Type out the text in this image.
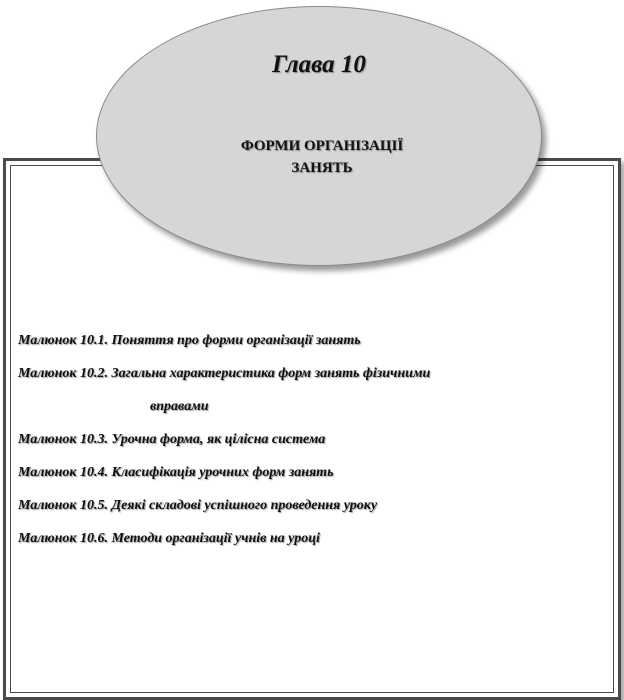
Глава 10
ФОРМИ ОРГАНІЗАЦІЇ
ЗАНЯТЬ
Малюнок 10.1. Поняття про форми організації занять
Малюнок 10.2. Загальна характеристика форм занять фізичними
вправами
Малюнок 10.3. Урочна форма, як цілісна система
Малюнок 10.4. Класифікація урочних форм занять
Малюнок 10.5. Деякі складові успішного проведення уроку
Малюнок 10.6. Методи організації учнів на уроці
